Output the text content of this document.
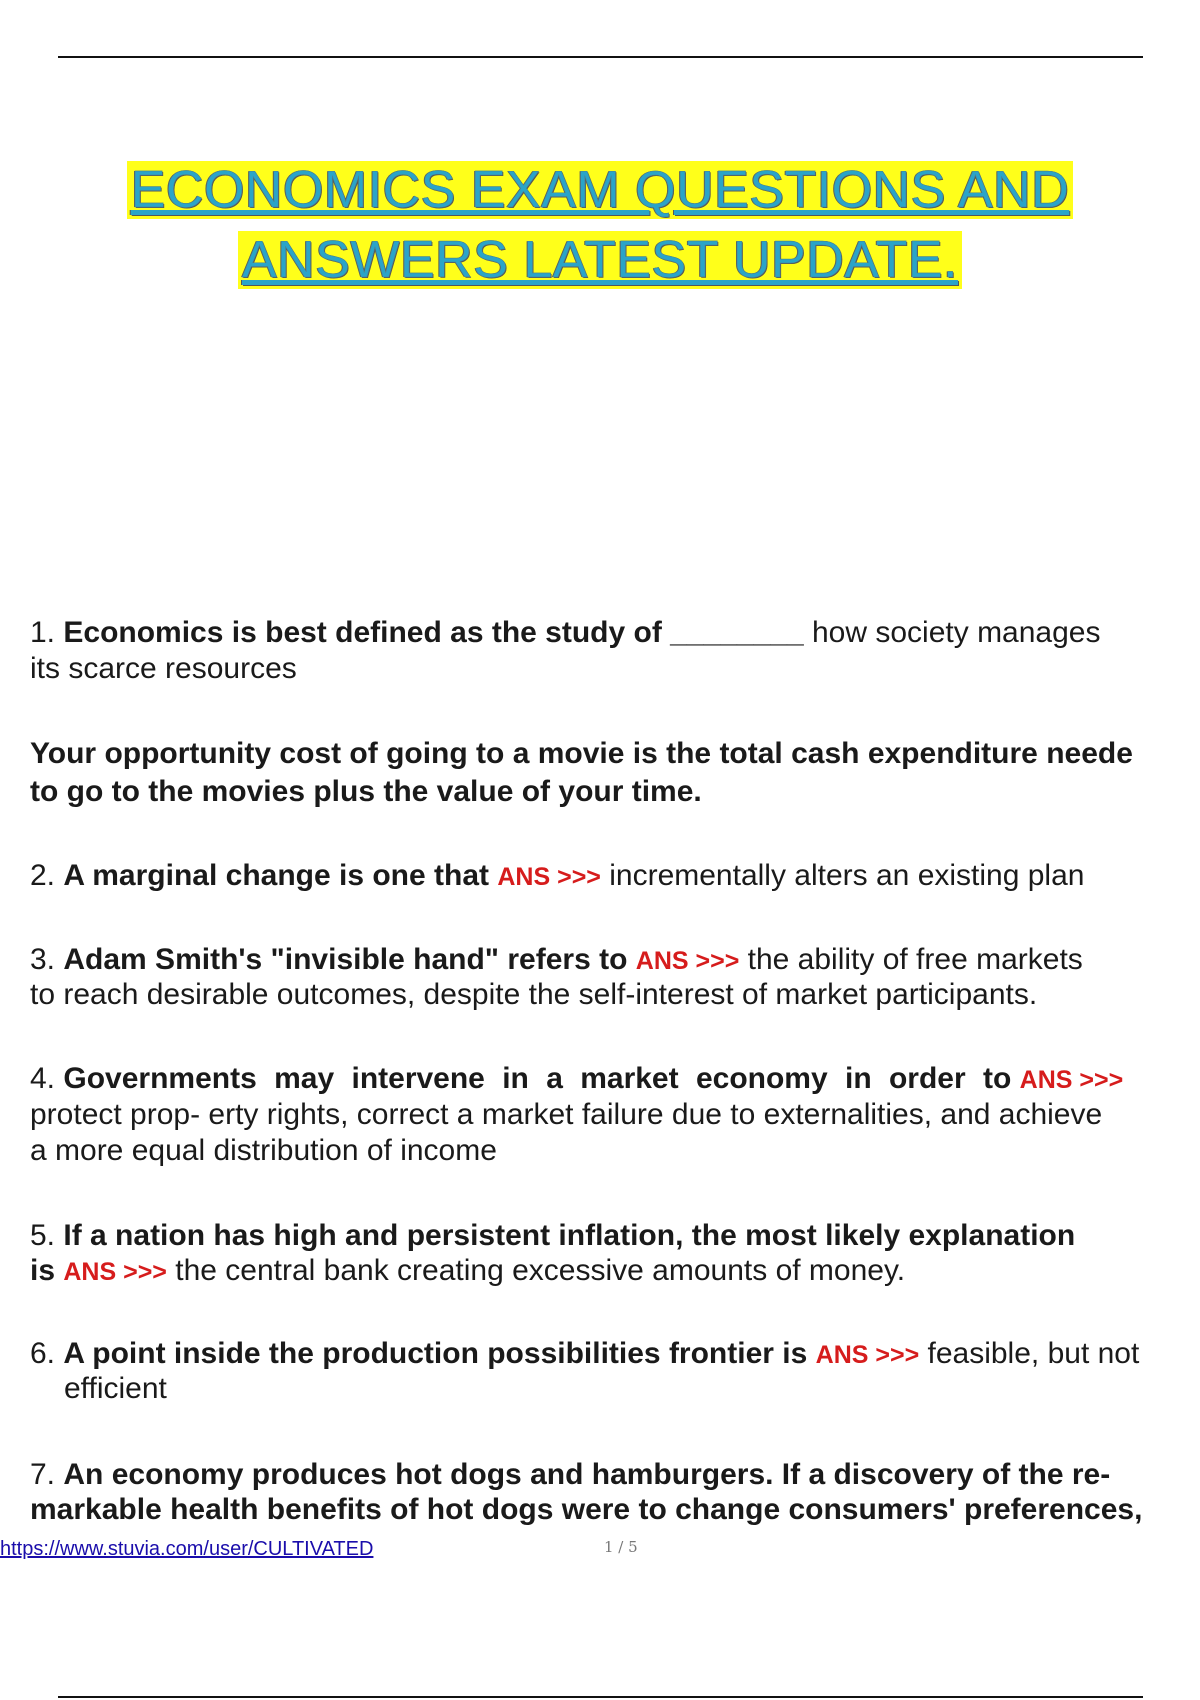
ECONOMICS EXAM QUESTIONS AND
ANSWERS LATEST UPDATE.
1. Economics is best defined as the study of ________ how society manages
its scarce resources
Your opportunity cost of going to a movie is the total cash expenditure neede
to go to the movies plus the value of your time.
2. A marginal change is one that ANS >>> incrementally alters an existing plan
3. Adam Smith's "invisible hand" refers to ANS >>> the ability of free markets
to reach desirable outcomes, despite the self-interest of market participants.
4. Governments may intervene in a market economy in order to ANS >>>
protect prop- erty rights, correct a market failure due to externalities, and achieve
a more equal distribution of income
5. If a nation has high and persistent inflation, the most likely explanation
is ANS >>> the central bank creating excessive amounts of money.
6. A point inside the production possibilities frontier is ANS >>> feasible, but not
efficient
7. An economy produces hot dogs and hamburgers. If a discovery of the re-
markable health benefits of hot dogs were to change consumers' preferences,
https://www.stuvia.com/user/CULTIVATED	1 / 5
